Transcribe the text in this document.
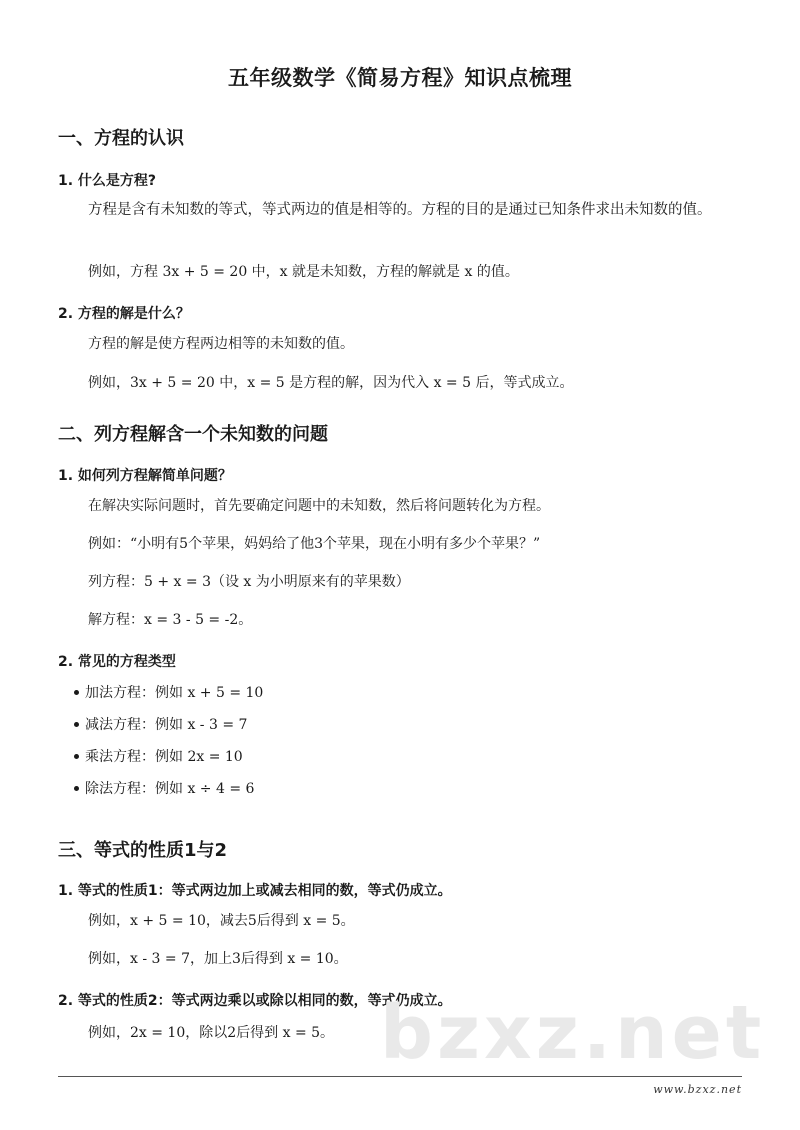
五年级数学《简易方程》知识点梳理
一、方程的认识
1. 什么是方程?
方程是含有未知数的等式，等式两边的值是相等的。方程的目的是通过已知条件求出未知数的值。
例如，方程 3x + 5 = 20 中，x 就是未知数，方程的解就是 x 的值。
2. 方程的解是什么？
方程的解是使方程两边相等的未知数的值。
例如，3x + 5 = 20 中，x = 5 是方程的解，因为代入 x = 5 后，等式成立。
二、列方程解含一个未知数的问题
1. 如何列方程解简单问题？
在解决实际问题时，首先要确定问题中的未知数，然后将问题转化为方程。
例如：“小明有5个苹果，妈妈给了他3个苹果，现在小明有多少个苹果？”
列方程：5 + x = 3（设 x 为小明原来有的苹果数）
解方程：x = 3 - 5 = -2。
2. 常见的方程类型
加法方程：例如 x + 5 = 10
减法方程：例如 x - 3 = 7
乘法方程：例如 2x = 10
除法方程：例如 x ÷ 4 = 6
三、等式的性质1与2
1. 等式的性质1：等式两边加上或减去相同的数，等式仍成立。
例如，x + 5 = 10，减去5后得到 x = 5。
例如，x - 3 = 7，加上3后得到 x = 10。
2. 等式的性质2：等式两边乘以或除以相同的数，等式仍成立。
bzxz.net
例如，2x = 10，除以2后得到 x = 5。
www.bzxz.net
